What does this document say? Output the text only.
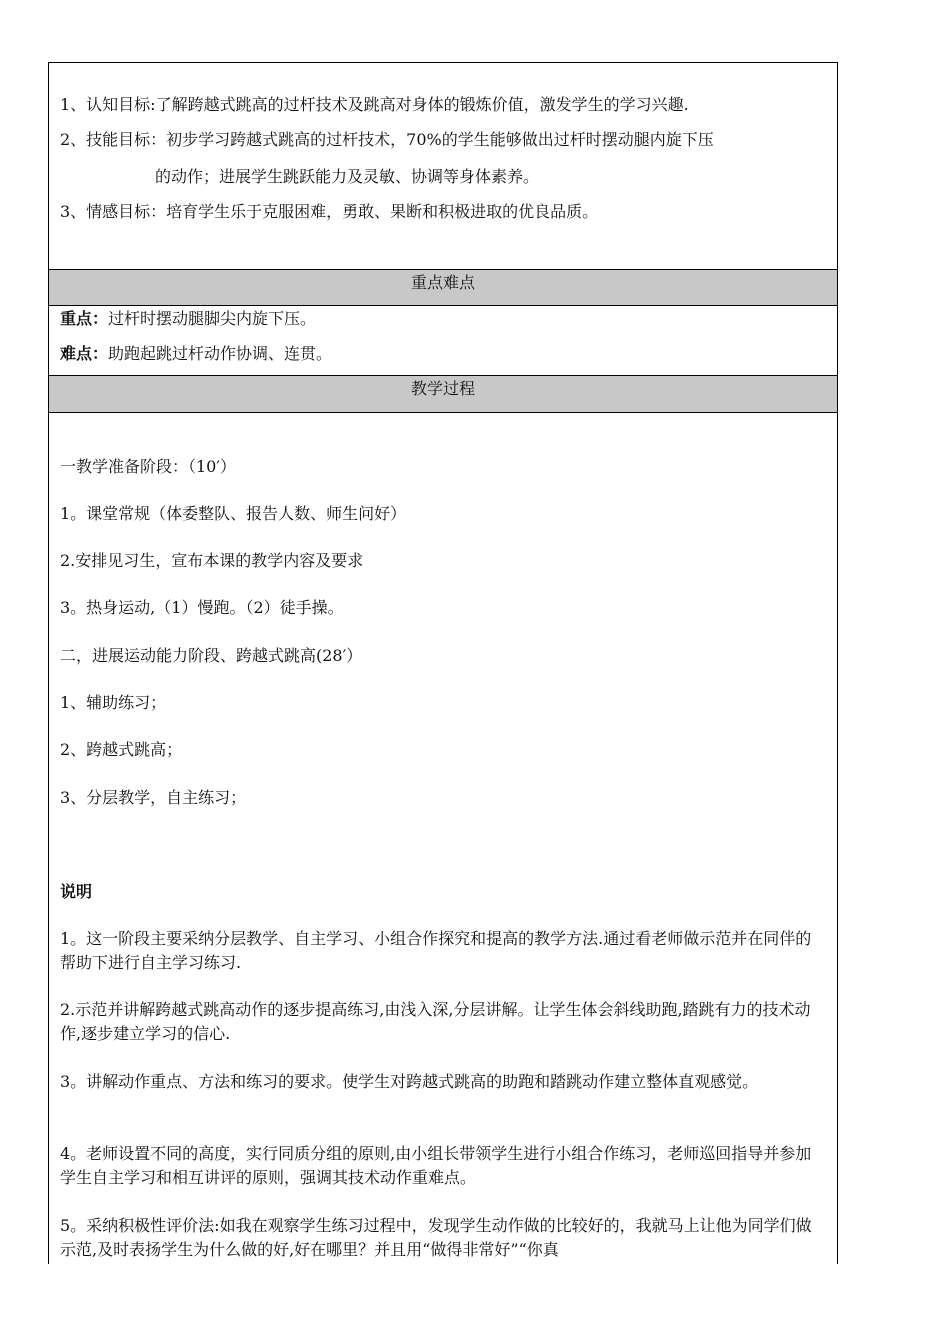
1、认知目标:了解跨越式跳高的过杆技术及跳高对身体的锻炼价值，激发学生的学习兴趣.
2、技能目标：初步学习跨越式跳高的过杆技术，70%的学生能够做出过杆时摆动腿内旋下压
的动作；进展学生跳跃能力及灵敏、协调等身体素养。
3、情感目标：培育学生乐于克服困难，勇敢、果断和积极进取的优良品质。
重点难点
重点：过杆时摆动腿脚尖内旋下压。
难点：助跑起跳过杆动作协调、连贯。
教学过程
一教学准备阶段：（10′）
1。课堂常规（体委整队、报告人数、师生问好）
2.安排见习生，宣布本课的教学内容及要求
3。热身运动,（1）慢跑。（2）徒手操。
二，进展运动能力阶段、跨越式跳高(28′）
1、辅助练习；
2、跨越式跳高；
3、分层教学，自主练习；
说明
1。这一阶段主要采纳分层教学、自主学习、小组合作探究和提高的教学方法.通过看老师做示范并在同伴的帮助下进行自主学习练习.
2.示范并讲解跨越式跳高动作的逐步提高练习,由浅入深,分层讲解。让学生体会斜线助跑,踏跳有力的技术动作,逐步建立学习的信心.
3。讲解动作重点、方法和练习的要求。使学生对跨越式跳高的助跑和踏跳动作建立整体直观感觉。
4。老师设置不同的高度，实行同质分组的原则,由小组长带领学生进行小组合作练习，老师巡回指导并参加学生自主学习和相互讲评的原则，强调其技术动作重难点。
5。采纳积极性评价法:如我在观察学生练习过程中，发现学生动作做的比较好的，我就马上让他为同学们做示范,及时表扬学生为什么做的好,好在哪里？并且用“做得非常好”“你真
